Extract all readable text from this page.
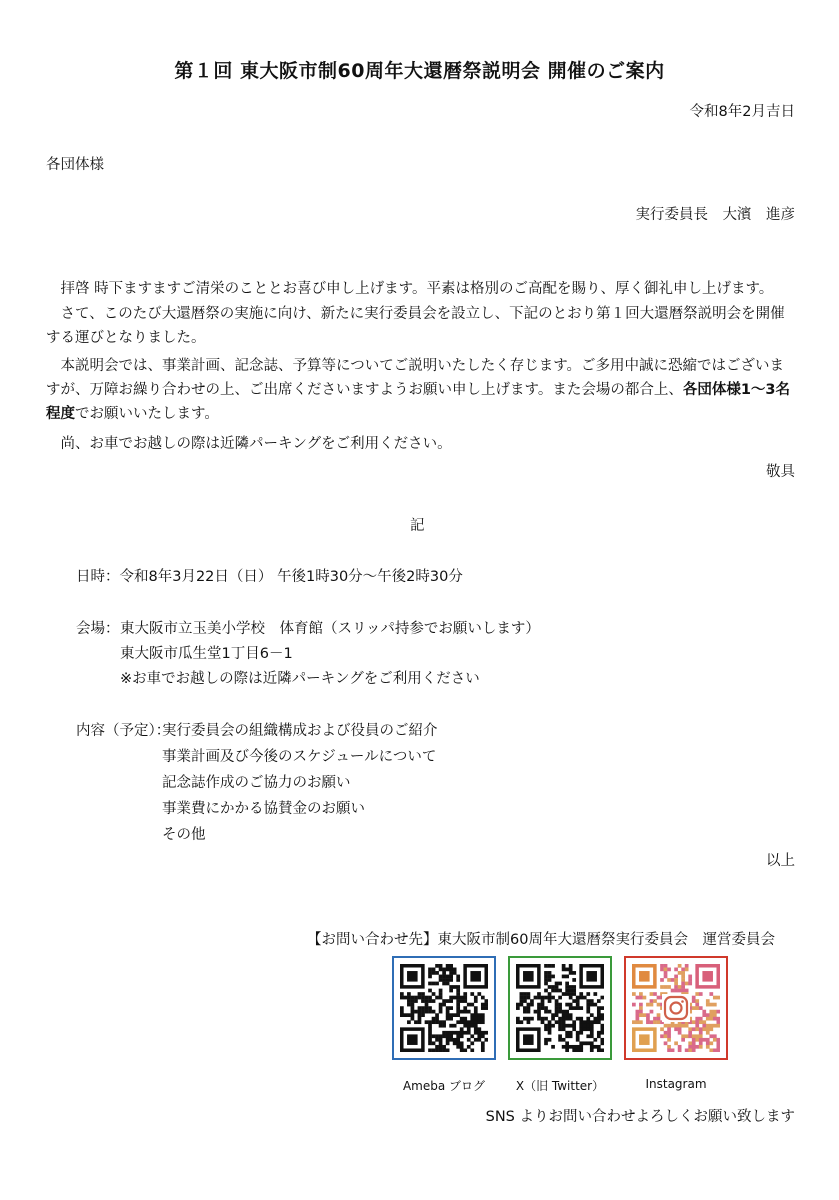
第１回 東大阪市制60周年大還暦祭説明会 開催のご案内
令和8年2月吉日
各団体様
実行委員長　大濱　進彦

拝啓 時下ますますご清栄のこととお喜び申し上げます。平素は格別のご高配を賜り、厚く御礼申し上げます。

さて、このたび大還暦祭の実施に向け、新たに実行委員会を設立し、下記のとおり第１回大還暦祭説明会を開催する運びとなりました。

本説明会では、事業計画、記念誌、予算等についてご説明いたしたく存じます。ご多用中誠に恐縮ではございますが、万障お繰り合わせの上、ご出席くださいますようお願い申し上げます。また会場の都合上、各団体様1～3名程度でお願いいたします。

尚、お車でお越しの際は近隣パーキングをご利用ください。

敬具
記
日時：令和8年3月22日（日） 午後1時30分～午後2時30分
会場： 東大阪市立玉美小学校　体育館（スリッパ持参でお願いします）
東大阪市瓜生堂1丁目6－1
※お車でお越しの際は近隣パーキングをご利用ください
内容（予定）：
実行委員会の組織構成および役員のご紹介
事業計画及び今後のスケジュールについて
記念誌作成のご協力のお願い
事業費にかかる協賛金のお願い
その他
以上
【お問い合わせ先】東大阪市制60周年大還暦祭実行委員会　運営委員会
Ameba ブログ	X（旧 Twitter）	Instagram
SNS よりお問い合わせよろしくお願い致します
